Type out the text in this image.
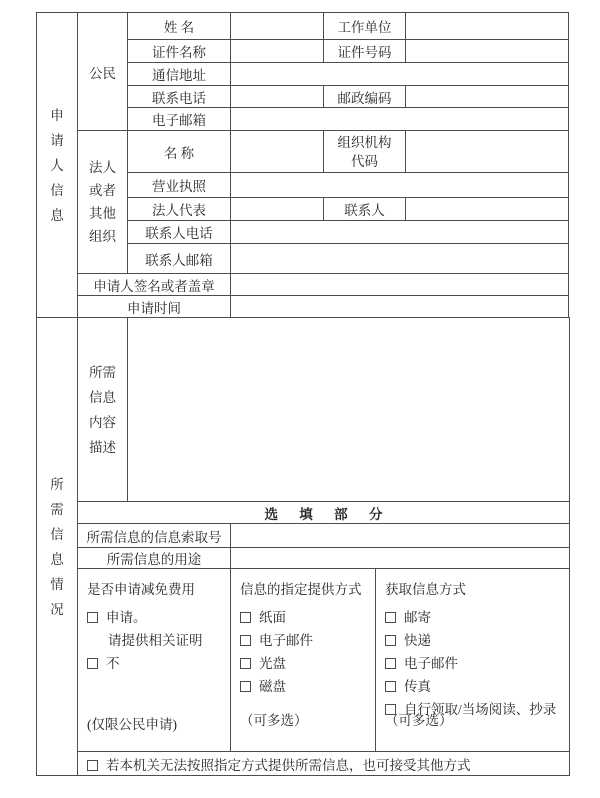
申请人信息	公民	姓 名		工作单位	
		证件名称		证件号码	
		通信地址			
		联系电话		邮政编码	
		电子邮箱			

	法人或者其他组织	名 称		组织机构代码	

		营业执照			
		法人代表		联系人	
		联系人电话			
		联系人邮箱			
	申请人签名或者盖章				
	申请时间				
所需信息情况	所需信息内容描述			

	选 填 部 分			
	所需信息的信息索取号			
	所需信息的用途			

是否申请减免费用
申请。
请提供相关证明
不
(仅限公民申请)

信息的指定提供方式
纸面
电子邮件
光盘
磁盘
（可多选）

获取信息方式
邮寄
快递
电子邮件
传真
自行领取/当场阅读、抄录
（可多选）

	若本机关无法按照指定方式提供所需信息，也可接受其他方式			
